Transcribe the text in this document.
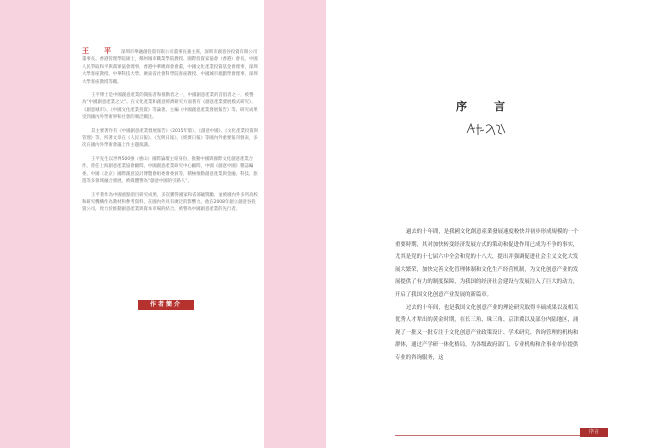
王　平 深圳市華融創投資有限公司董事長兼主席，深圳市創意谷投資有限公司董事長。香港管理學院碩士，鄭州城市職業學院教授、國際投資家協會（香港）會長，中國人民爭取和平與裁軍協會理事，香港中華總商會會董，中國文化產業投資基金會理事，深圳大學客座教授、中華科技大學、廣東省社會科學院客座教授、中國城市規劃學會理事，深圳大學客座教授等職。

王平博士是中國創意產業的開拓者和推動者之一，中國創意產業的首倡者之一，被譽為“中國創意產業之父”。在文化產業和創意經濟研究方面著有《創意產業發展模式研究》、《創意城市》、《中國文化產業投資》等論著，主編《中國創意產業發展報告》等，研究成果受到國內外學術界和社會的廣泛關注。

其主要著作有《中國創意產業發展報告》（2015年版）、《創意中國》、《文化產業投資與管理》等，所著文章在《人民日報》、《光明日報》、《經濟日報》等國內外重要報刊發表，多次在國內外學術會議上作主題演講。

王平先生以世界500強（惠山）國際論壇主席身份，推動中國與國際文化創意產業合作，曾任上海創意產業協會顧問、中國創意產業研究中心顧問、中國《創意中國》雜誌編委、中國（北京）國際創意設計博覽會組委會委員等，積極推動創意產業與金融、科技、旅遊等多領域融合發展，被媒體譽為“創意中國的引路人”。

王平著作為中國重點項目研究成果，多次獲得國家和省部級獎勵，並被國內外多所高校和研究機構作為教材和參考資料，在國內外具有廣泛的影響力。他在2008年創立創意谷投資公司，致力於推動創意產業與資本市場的結合，被譽為中國創意產業的先行者。

作者簡介
序　言

過去的十年間，是我國文化創意產業發展速度較快并初步形成規模的一个重要時期，其对加快转变经济发展方式的策动和促进作用已成为不争的事实，尤其是党的十七届六中全会和党的十八大，提出并强调促进社会主义文化大发展大繁荣，加快完善文化管理体制和文化生产经营机制，为文化创意产业的发展提供了有力的制度保障，为我国的经济社会建设与发展注入了巨大的动力，开启了我国文化创意产业发展的新篇章。

过去的十年间，也是我国文化创意产业的理论研究取得丰硕成果以及相关优秀人才辈出的黄金时期，在长三角、珠三角、京津冀以及部分内陆地区，涌现了一批又一批专注于文化创意产业政策设计、学术研究、咨询管理的机构和群体，通过产学研一体化格局，为各级政府部门、专业机构和企事业单位提供专业的咨询服务，这

序言
